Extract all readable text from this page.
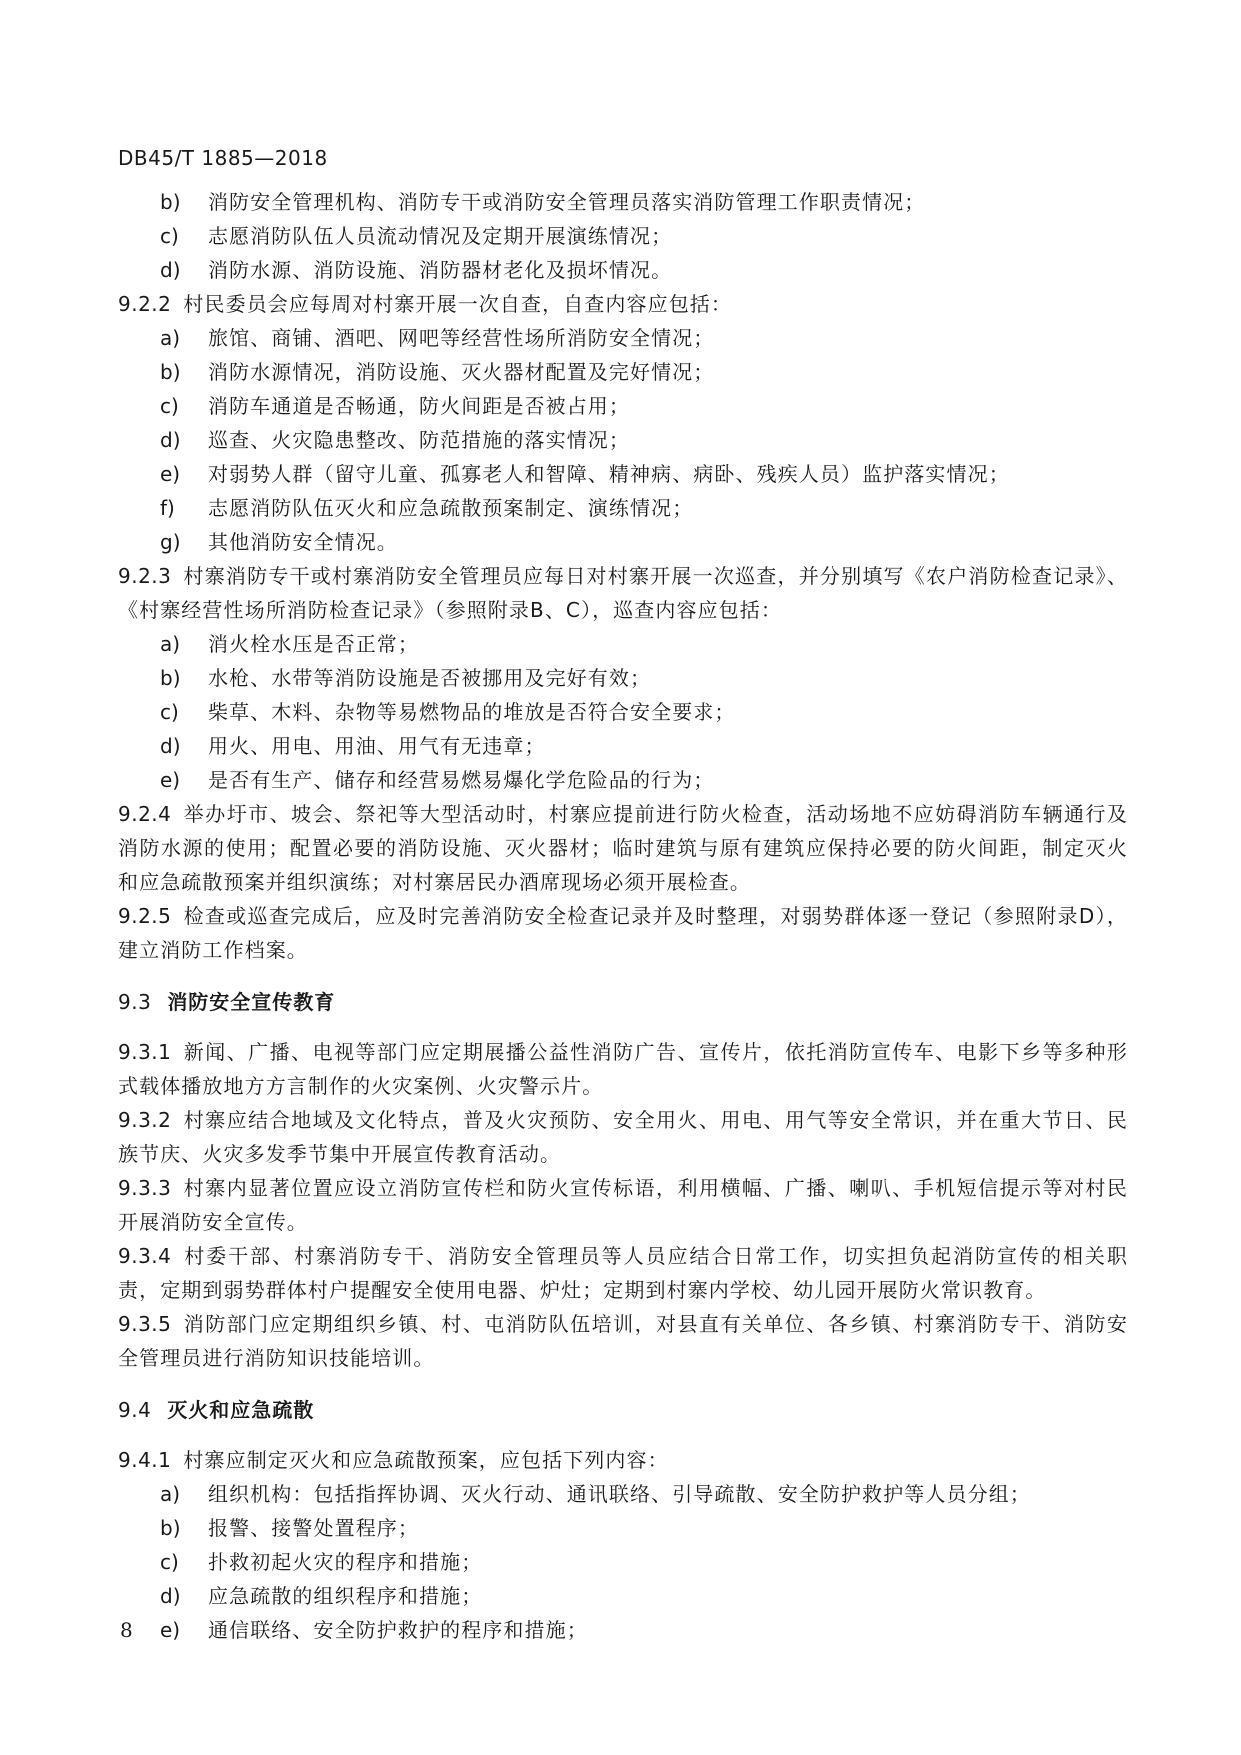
DB45/T 1885—2018
b) 消防安全管理机构、消防专干或消防安全管理员落实消防管理工作职责情况；
c) 志愿消防队伍人员流动情况及定期开展演练情况；
d) 消防水源、消防设施、消防器材老化及损坏情况。
9.2.2 村民委员会应每周对村寨开展一次自查，自查内容应包括：
a) 旅馆、商铺、酒吧、网吧等经营性场所消防安全情况；
b) 消防水源情况，消防设施、灭火器材配置及完好情况；
c) 消防车通道是否畅通，防火间距是否被占用；
d) 巡查、火灾隐患整改、防范措施的落实情况；
e) 对弱势人群（留守儿童、孤寡老人和智障、精神病、病卧、残疾人员）监护落实情况；
f) 志愿消防队伍灭火和应急疏散预案制定、演练情况；
g) 其他消防安全情况。
9.2.3 村寨消防专干或村寨消防安全管理员应每日对村寨开展一次巡查，并分别填写《农户消防检查记录》、《村寨经营性场所消防检查记录》（参照附录B、C），巡查内容应包括：
a) 消火栓水压是否正常；
b) 水枪、水带等消防设施是否被挪用及完好有效；
c) 柴草、木料、杂物等易燃物品的堆放是否符合安全要求；
d) 用火、用电、用油、用气有无违章；
e) 是否有生产、储存和经营易燃易爆化学危险品的行为；
9.2.4 举办圩市、坡会、祭祀等大型活动时，村寨应提前进行防火检查，活动场地不应妨碍消防车辆通行及消防水源的使用；配置必要的消防设施、灭火器材；临时建筑与原有建筑应保持必要的防火间距，制定灭火和应急疏散预案并组织演练；对村寨居民办酒席现场必须开展检查。
9.2.5 检查或巡查完成后，应及时完善消防安全检查记录并及时整理，对弱势群体逐一登记（参照附录D），建立消防工作档案。
9.3 消防安全宣传教育
9.3.1 新闻、广播、电视等部门应定期展播公益性消防广告、宣传片，依托消防宣传车、电影下乡等多种形式载体播放地方方言制作的火灾案例、火灾警示片。
9.3.2 村寨应结合地域及文化特点，普及火灾预防、安全用火、用电、用气等安全常识，并在重大节日、民族节庆、火灾多发季节集中开展宣传教育活动。
9.3.3 村寨内显著位置应设立消防宣传栏和防火宣传标语，利用横幅、广播、喇叭、手机短信提示等对村民开展消防安全宣传。
9.3.4 村委干部、村寨消防专干、消防安全管理员等人员应结合日常工作，切实担负起消防宣传的相关职责，定期到弱势群体村户提醒安全使用电器、炉灶；定期到村寨内学校、幼儿园开展防火常识教育。
9.3.5 消防部门应定期组织乡镇、村、屯消防队伍培训，对县直有关单位、各乡镇、村寨消防专干、消防安全管理员进行消防知识技能培训。
9.4 灭火和应急疏散
9.4.1 村寨应制定灭火和应急疏散预案，应包括下列内容：
a) 组织机构：包括指挥协调、灭火行动、通讯联络、引导疏散、安全防护救护等人员分组；
b) 报警、接警处置程序；
c) 扑救初起火灾的程序和措施；
d) 应急疏散的组织程序和措施；
e) 通信联络、安全防护救护的程序和措施；
8
